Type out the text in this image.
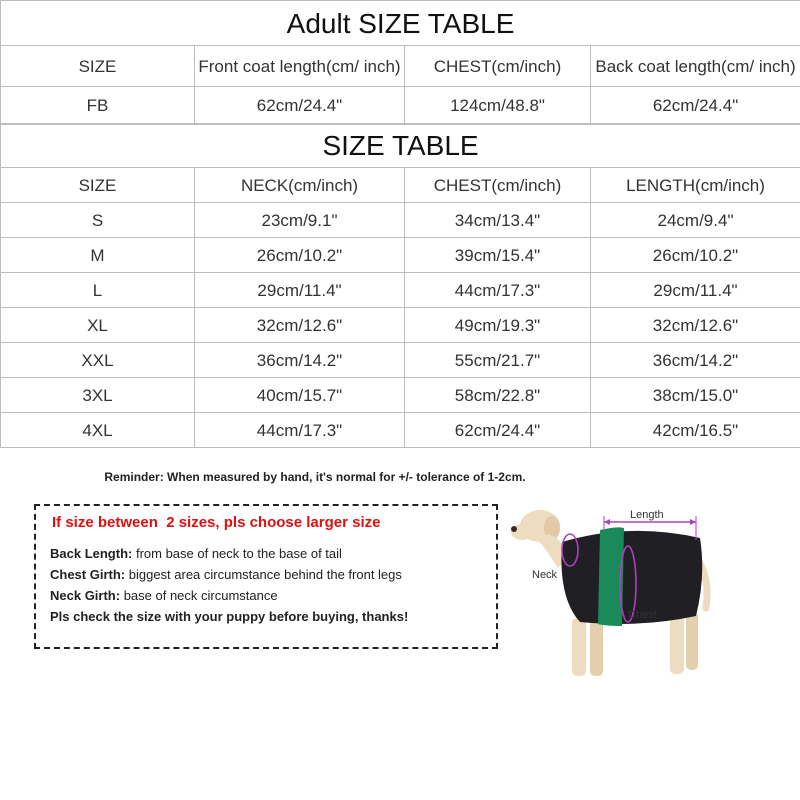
Adult SIZE TABLE			
SIZE	Front coat length(cm/ inch)	CHEST(cm/inch)	Back coat length(cm/ inch)
FB	62cm/24.4"	124cm/48.8"	62cm/24.4"
SIZE TABLE			
SIZE	NECK(cm/inch)	CHEST(cm/inch)	LENGTH(cm/inch)
S	23cm/9.1"	34cm/13.4"	24cm/9.4"
M	26cm/10.2"	39cm/15.4"	26cm/10.2"
L	29cm/11.4"	44cm/17.3"	29cm/11.4"
XL	32cm/12.6"	49cm/19.3"	32cm/12.6"
XXL	36cm/14.2"	55cm/21.7"	36cm/14.2"
3XL	40cm/15.7"	58cm/22.8"	38cm/15.0"
4XL	44cm/17.3"	62cm/24.4"	42cm/16.5"
Reminder: When measured by hand, it's normal for +/- tolerance of 1-2cm.
If size between  2 sizes, pls choose larger size
Back Length: from base of neck to the base of tail
Chest Girth: biggest area circumstance behind the front legs
Neck Girth: base of neck circumstance
Pls check the size with your puppy before buying, thanks!
Length
Neck
Chest
